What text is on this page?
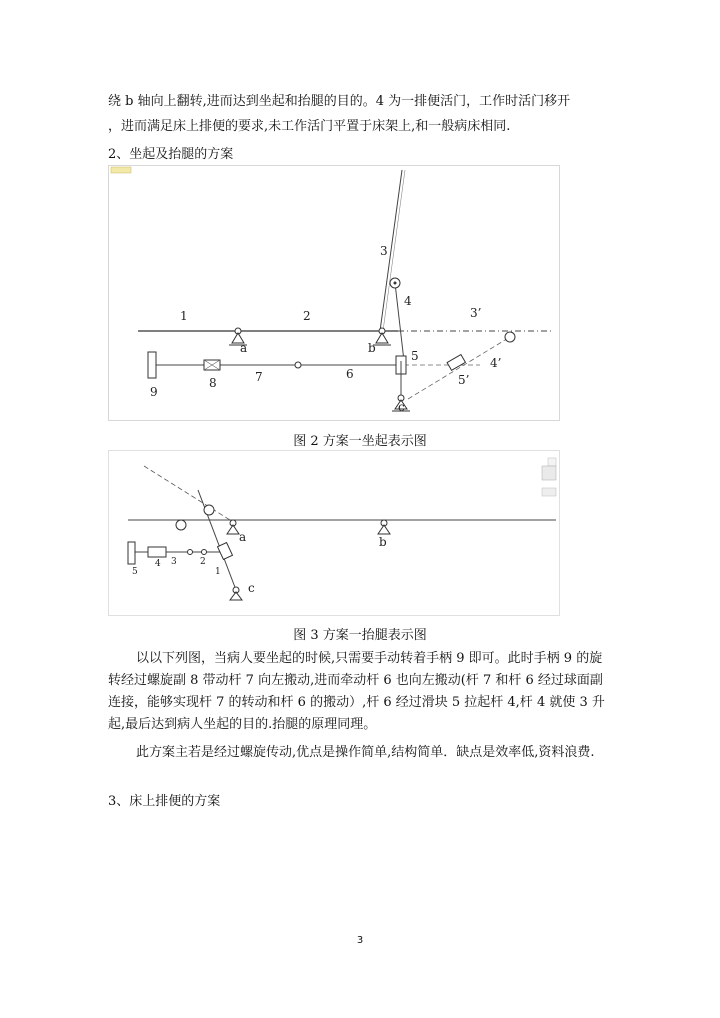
绕 b 轴向上翻转,进而达到坐起和抬腿的目的。4 为一排便活门，工作时活门移开
，进而满足床上排便的要求,未工作活门平置于床架上,和一般病床相同.
2、坐起及抬腿的方案
1	2
3
3’
4
4’
5
5’
6
7
8
9
a	b
c
图 2 方案一坐起表示图
a	b
c
1
2
3
4
5
图 3 方案一抬腿表示图
以以下列图，当病人要坐起的时候,只需要手动转着手柄 9 即可。此时手柄 9 的旋转经过螺旋副 8 带动杆 7 向左搬动,进而牵动杆 6 也向左搬动(杆 7 和杆 6 经过球面副连接，能够实现杆 7 的转动和杆 6 的搬动）,杆 6 经过滑块 5 拉起杆 4,杆 4 就使 3 升起,最后达到病人坐起的目的.抬腿的原理同理。
此方案主若是经过螺旋传动,优点是操作简单,结构简单．缺点是效率低,资料浪费.
3、床上排便的方案
3
